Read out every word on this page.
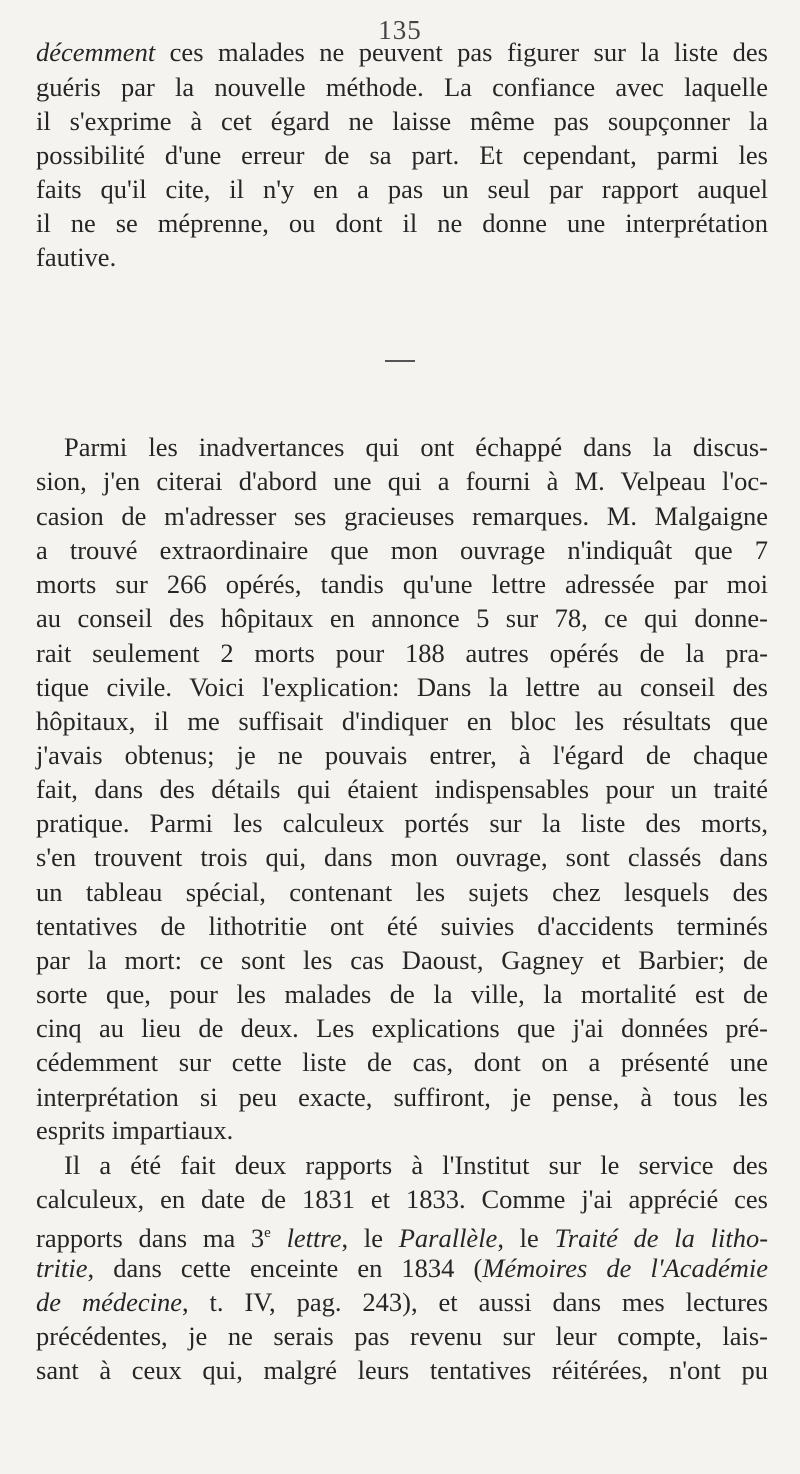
135
décemment ces malades ne peuvent pas figurer sur la liste des
guéris par la nouvelle méthode. La confiance avec laquelle
il s'exprime à cet égard ne laisse même pas soupçonner la
possibilité d'une erreur de sa part. Et cependant, parmi les
faits qu'il cite, il n'y en a pas un seul par rapport auquel
il ne se méprenne, ou dont il ne donne une interprétation
fautive.
Parmi les inadvertances qui ont échappé dans la discus-
sion, j'en citerai d'abord une qui a fourni à M. Velpeau l'oc-
casion de m'adresser ses gracieuses remarques. M. Malgaigne
a trouvé extraordinaire que mon ouvrage n'indiquât que 7
morts sur 266 opérés, tandis qu'une lettre adressée par moi
au conseil des hôpitaux en annonce 5 sur 78, ce qui donne-
rait seulement 2 morts pour 188 autres opérés de la pra-
tique civile. Voici l'explication: Dans la lettre au conseil des
hôpitaux, il me suffisait d'indiquer en bloc les résultats que
j'avais obtenus; je ne pouvais entrer, à l'égard de chaque
fait, dans des détails qui étaient indispensables pour un traité
pratique. Parmi les calculeux portés sur la liste des morts,
s'en trouvent trois qui, dans mon ouvrage, sont classés dans
un tableau spécial, contenant les sujets chez lesquels des
tentatives de lithotritie ont été suivies d'accidents terminés
par la mort: ce sont les cas Daoust, Gagney et Barbier; de
sorte que, pour les malades de la ville, la mortalité est de
cinq au lieu de deux. Les explications que j'ai données pré-
cédemment sur cette liste de cas, dont on a présenté une
interprétation si peu exacte, suffiront, je pense, à tous les
esprits impartiaux.
Il a été fait deux rapports à l'Institut sur le service des
calculeux, en date de 1831 et 1833. Comme j'ai apprécié ces
rapports dans ma 3e lettre, le Parallèle, le Traité de la litho-
tritie, dans cette enceinte en 1834 (Mémoires de l'Académie
de médecine, t. IV, pag. 243), et aussi dans mes lectures
précédentes, je ne serais pas revenu sur leur compte, lais-
sant à ceux qui, malgré leurs tentatives réitérées, n'ont pu
